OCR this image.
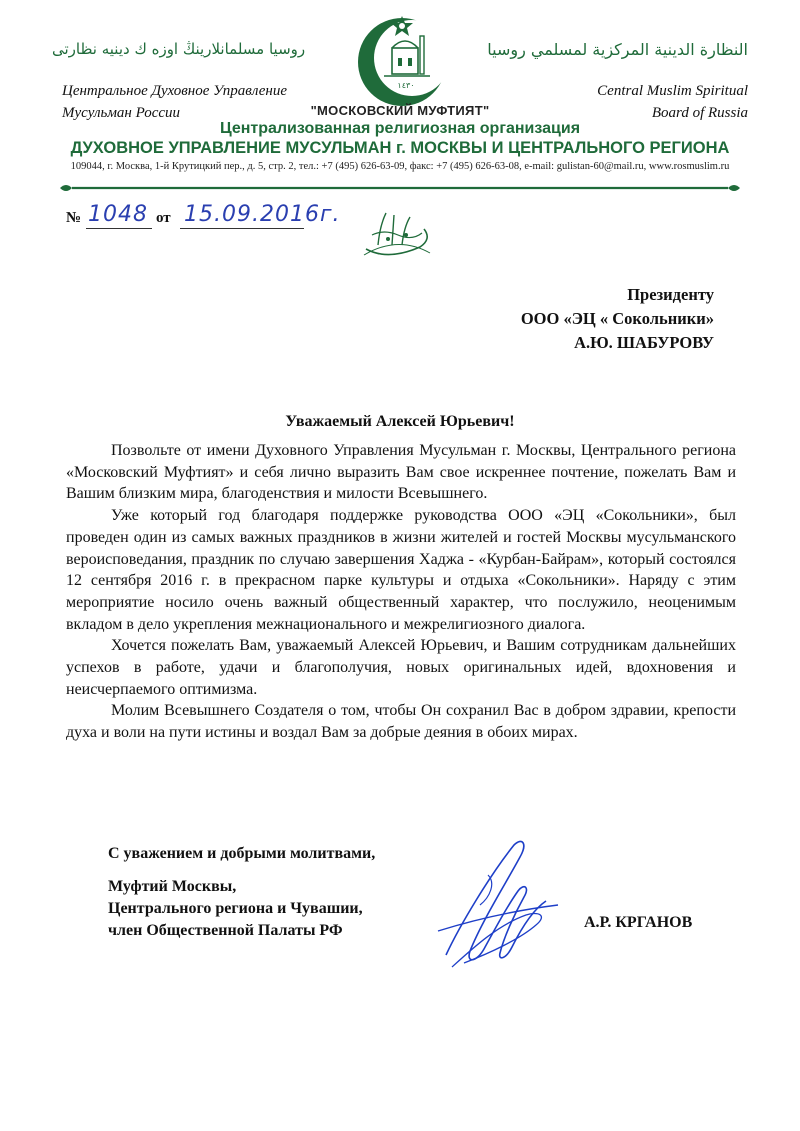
روسيا مسلمانلارينڭ اوزه ك دينيه نظارتى	النظارة الدينية المركزية لمسلمي روسيا
Центральное Духовное Управление
Мусульман России
Central Muslim Spiritual
Board of Russia
١٤٣٠
"МОСКОВСКИЙ МУФТИЯТ"
Централизованная религиозная организация
ДУХОВНОЕ УПРАВЛЕНИЕ МУСУЛЬМАН г. МОСКВЫ И ЦЕНТРАЛЬНОГО РЕГИОНА
109044, г. Москва, 1-й Крутицкий пер., д. 5, стр. 2, тел.: +7 (495) 626-63-09, факс: +7 (495) 626-63-08, e-mail: gulistan-60@mail.ru, www.rosmuslim.ru
№ 1048 от 15.09.2016г.
Президенту
ООО «ЭЦ « Сокольники»
А.Ю. ШАБУРОВУ
Уважаемый Алексей Юрьевич!

Позвольте от имени Духовного Управления Мусульман г. Москвы, Центрального региона «Московский Муфтият» и себя лично выразить Вам свое искреннее почтение, пожелать Вам и Вашим близким мира, благоденствия и милости Всевышнего.

Уже который год благодаря поддержке руководства ООО «ЭЦ «Сокольники», был проведен один из самых важных праздников в жизни жителей и гостей Москвы мусульманского вероисповедания, праздник по случаю завершения Хаджа - «Курбан-Байрам», который состоялся 12 сентября 2016 г. в прекрасном парке культуры и отдыха «Сокольники». Наряду с этим мероприятие носило очень важный общественный характер, что послужило, неоценимым вкладом в дело укрепления межнационального и межрелигиозного диалога.

Хочется пожелать Вам, уважаемый Алексей Юрьевич, и Вашим сотрудникам дальнейших успехов в работе, удачи и благополучия, новых оригинальных идей, вдохновения и неисчерпаемого оптимизма.

Молим Всевышнего Создателя о том, чтобы Он сохранил Вас в добром здравии, крепости духа и воли на пути истины и воздал Вам за добрые деяния в обоих мирах.

С уважением и добрыми молитвами,
Муфтий Москвы,
Центрального региона и Чувашии,
член Общественной Палаты РФ	А.Р. КРГАНОВ
